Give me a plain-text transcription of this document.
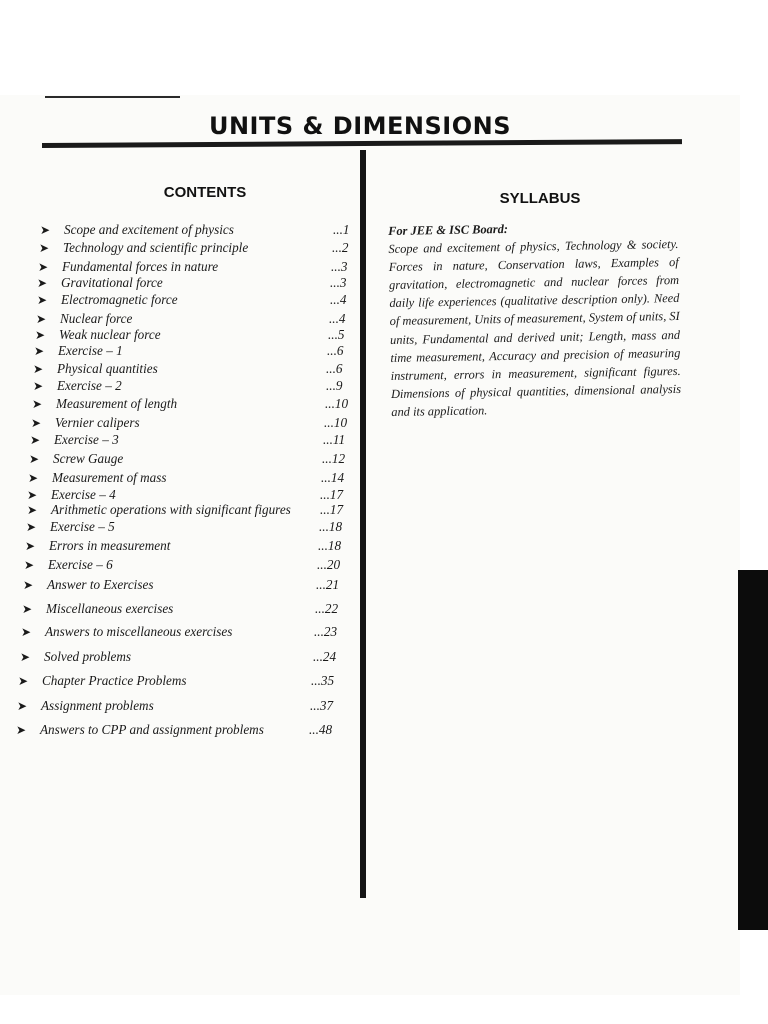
UNITS & DIMENSIONS
CONTENTS	SYLLABUS
➤ Scope and excitement of physics	...1
➤ Technology and scientific principle	...2
➤ Fundamental forces in nature	...3
➤ Gravitational force	...3
➤ Electromagnetic force	...4
➤ Nuclear force	...4
➤ Weak nuclear force	...5
➤ Exercise – 1	...6
➤ Physical quantities	...6
➤ Exercise – 2	...9
➤ Measurement of length	...10
➤ Vernier calipers	...10
➤ Exercise – 3	...11
➤ Screw Gauge	...12
➤ Measurement of mass	...14
➤ Exercise – 4	...17
➤ Arithmetic operations with significant figures ...17
➤ Exercise – 5	...18
➤ Errors in measurement	...18
➤ Exercise – 6	...20
➤ Answer to Exercises	...21
➤ Miscellaneous exercises	...22
➤ Answers to miscellaneous exercises	...23
➤ Solved problems	...24
➤ Chapter Practice Problems	...35
➤ Assignment problems	...37
➤ Answers to CPP and assignment problems	...48
For JEE & ISC Board:
Scope and excitement of physics, Technology & society. Forces in nature, Conservation laws, Examples of gravitation, electromagnetic and nuclear forces from daily life experiences (qualitative description only). Need of measurement, Units of measurement, System of units, SI units, Fundamental and derived unit; Length, mass and time measurement, Accuracy and precision of measuring instrument, errors in measurement, significant figures. Dimensions of physical quantities, dimensional analysis and its application.
